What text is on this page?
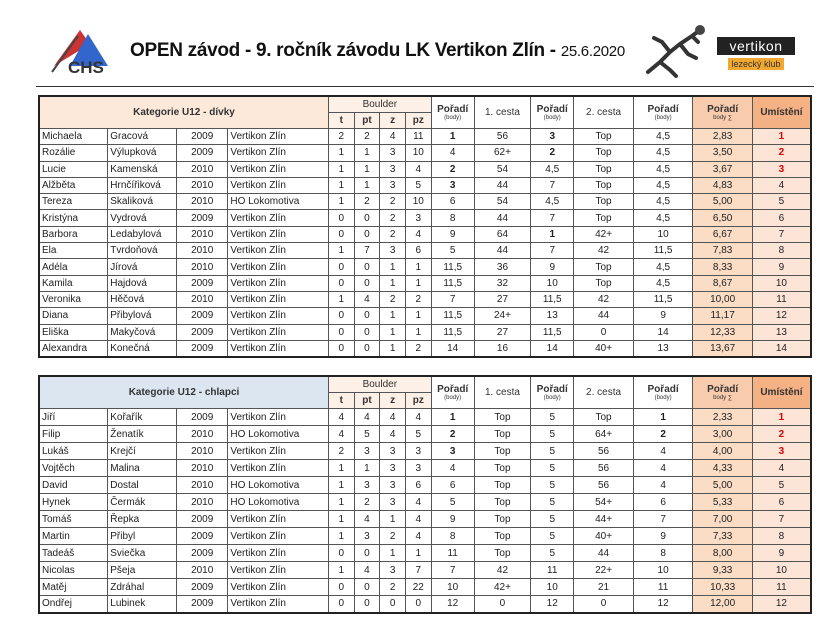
CHS
OPEN závod - 9. ročník závodu LK Vertikon Zlín - 25.6.2020	vertikon
lezecký klub
Kategorie U12 - dívky				Boulder				Pořadí
(body)	1. cesta	Pořadí
(body)	2. cesta	Pořadí
(body)	Pořadí
body ∑	Umístění
				t	pt	z	pz							
Michaela	Gracová	2009	Vertikon Zlín	2	2	4	11	1	56	3	Top	4,5	2,83	1
Rozálie	Výlupková	2009	Vertikon Zlín	1	1	3	10	4	62+	2	Top	4,5	3,50	2
Lucie	Kamenská	2010	Vertikon Zlín	1	1	3	4	2	54	4,5	Top	4,5	3,67	3
Alžběta	Hrnčířiková	2010	Vertikon Zlín	1	1	3	5	3	44	7	Top	4,5	4,83	4
Tereza	Skaliková	2010	HO Lokomotiva	1	2	2	10	6	54	4,5	Top	4,5	5,00	5
Kristýna	Vydrová	2009	Vertikon Zlín	0	0	2	3	8	44	7	Top	4,5	6,50	6
Barbora	Ledabylová	2010	Vertikon Zlín	0	0	2	4	9	64	1	42+	10	6,67	7
Ela	Tvrdoňová	2010	Vertikon Zlín	1	7	3	6	5	44	7	42	11,5	7,83	8
Adéla	Jírová	2010	Vertikon Zlín	0	0	1	1	11,5	36	9	Top	4,5	8,33	9
Kamila	Hajdová	2009	Vertikon Zlín	0	0	1	1	11,5	32	10	Top	4,5	8,67	10
Veronika	Hěčová	2010	Vertikon Zlín	1	4	2	2	7	27	11,5	42	11,5	10,00	11
Diana	Přibylová	2009	Vertikon Zlín	0	0	1	1	11,5	24+	13	44	9	11,17	12
Eliška	Makyčová	2009	Vertikon Zlín	0	0	1	1	11,5	27	11,5	0	14	12,33	13
Alexandra	Konečná	2009	Vertikon Zlín	0	0	1	2	14	16	14	40+	13	13,67	14
Kategorie U12 - chlapci				Boulder				Pořadí
(body)	1. cesta	Pořadí
(body)	2. cesta	Pořadí
(body)	Pořadí
body ∑	Umístění
				t	pt	z	pz							
Jiří	Kořařík	2009	Vertikon Zlín	4	4	4	4	1	Top	5	Top	1	2,33	1
Filip	Ženatík	2010	HO Lokomotiva	4	5	4	5	2	Top	5	64+	2	3,00	2
Lukáš	Krejčí	2010	Vertikon Zlín	2	3	3	3	3	Top	5	56	4	4,00	3
Vojtěch	Malina	2010	Vertikon Zlín	1	1	3	3	4	Top	5	56	4	4,33	4
David	Dostal	2010	HO Lokomotiva	1	3	3	6	6	Top	5	56	4	5,00	5
Hynek	Čermák	2010	HO Lokomotiva	1	2	3	4	5	Top	5	54+	6	5,33	6
Tomáš	Řepka	2009	Vertikon Zlín	1	4	1	4	9	Top	5	44+	7	7,00	7
Martin	Přibyl	2009	Vertikon Zlín	1	3	2	4	8	Top	5	40+	9	7,33	8
Tadeáš	Sviečka	2009	Vertikon Zlín	0	0	1	1	11	Top	5	44	8	8,00	9
Nicolas	Pšeja	2010	Vertikon Zlín	1	4	3	7	7	42	11	22+	10	9,33	10
Matěj	Zdráhal	2009	Vertikon Zlín	0	0	2	22	10	42+	10	21	11	10,33	11
Ondřej	Lubinek	2009	Vertikon Zlín	0	0	0	0	12	0	12	0	12	12,00	12
